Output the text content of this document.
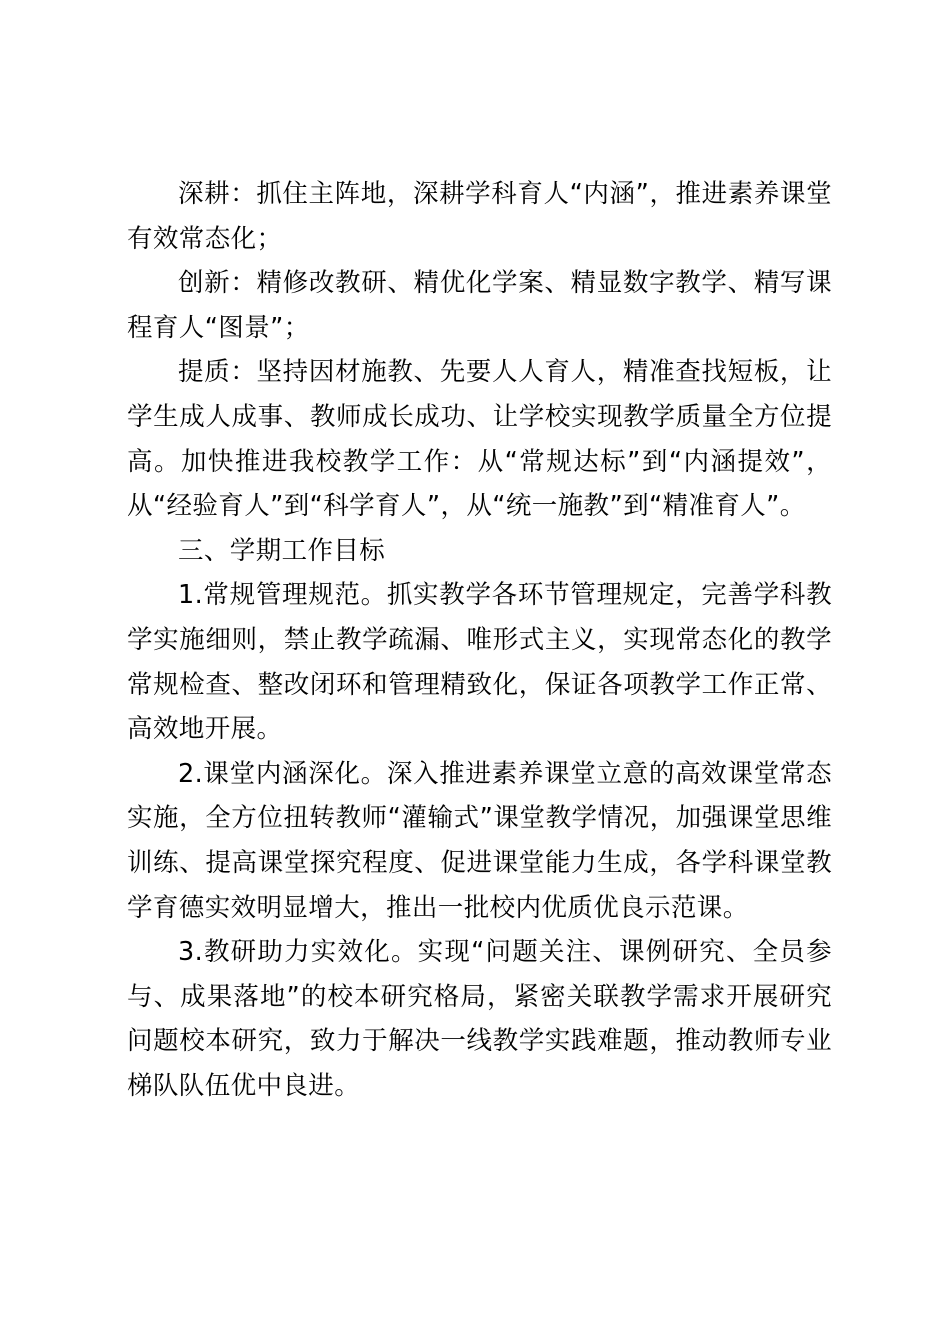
深耕：抓住主阵地，深耕学科育人“内涵”，推进素养课堂有效常态化；

创新：精修改教研、精优化学案、精显数字教学、精写课程育人“图景”；

提质：坚持因材施教、先要人人育人，精准查找短板，让学生成人成事、教师成长成功、让学校实现教学质量全方位提高。加快推进我校教学工作：从“常规达标”到“内涵提效”，从“经验育人”到“科学育人”，从“统一施教”到“精准育人”。

三、学期工作目标

1.常规管理规范。抓实教学各环节管理规定，完善学科教学实施细则，禁止教学疏漏、唯形式主义，实现常态化的教学常规检查、整改闭环和管理精致化，保证各项教学工作正常、高效地开展。

2.课堂内涵深化。深入推进素养课堂立意的高效课堂常态实施，全方位扭转教师“灌输式”课堂教学情况，加强课堂思维训练、提高课堂探究程度、促进课堂能力生成，各学科课堂教学育德实效明显增大，推出一批校内优质优良示范课。

3.教研助力实效化。实现“问题关注、课例研究、全员参与、成果落地”的校本研究格局，紧密关联教学需求开展研究问题校本研究，致力于解决一线教学实践难题，推动教师专业梯队队伍优中良进。
